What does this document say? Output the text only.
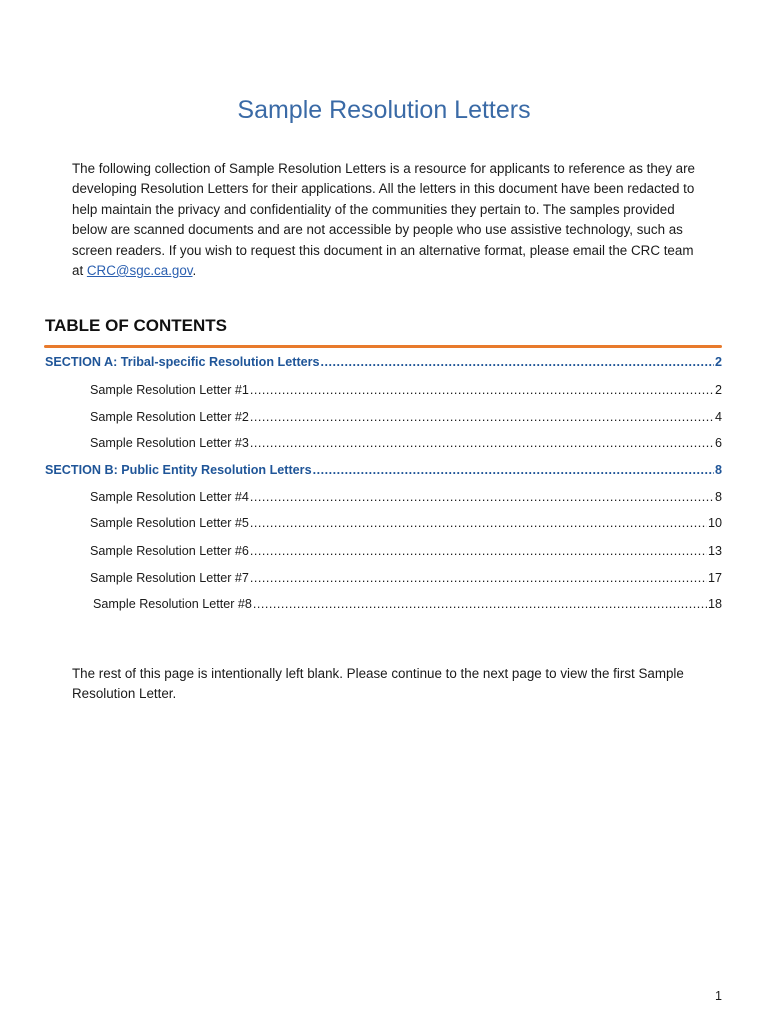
Sample Resolution Letters

The following collection of Sample Resolution Letters is a resource for applicants to reference as they are developing Resolution Letters for their applications. All the letters in this document have been redacted to help maintain the privacy and confidentiality of the communities they pertain to. The samples provided below are scanned documents and are not accessible by people who use assistive technology, such as screen readers. If you wish to request this document in an alternative format, please email the CRC team at CRC@sgc.ca.gov.

TABLE OF CONTENTS
SECTION A: Tribal-specific Resolution Letters .....	2
Sample Resolution Letter #1 .....	2
Sample Resolution Letter #2 .....	4
Sample Resolution Letter #3 .....	6
SECTION B: Public Entity Resolution Letters .....	8
Sample Resolution Letter #4 .....	8
Sample Resolution Letter #5 .....	10
Sample Resolution Letter #6 .....	13
Sample Resolution Letter #7 .....	17
Sample Resolution Letter #8 .....	18

The rest of this page is intentionally left blank. Please continue to the next page to view the first Sample Resolution Letter.

1
